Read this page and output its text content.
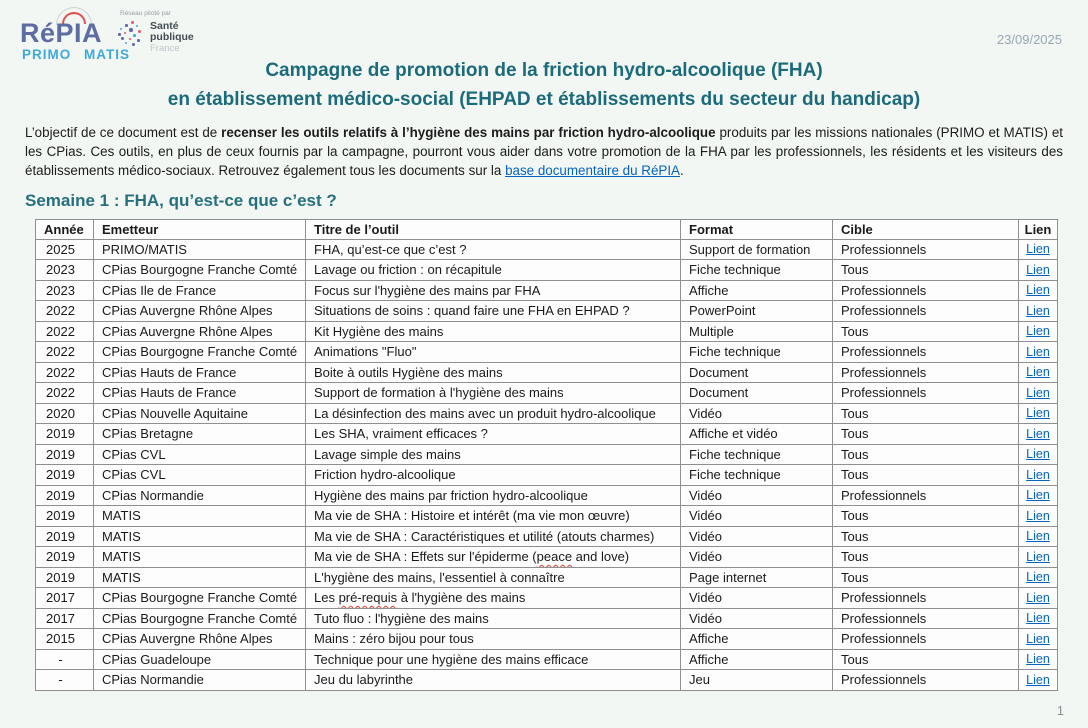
RéPIA
PRIMO MATIS
Réseau piloté par
Santé
publique
France
23/09/2025
Campagne de promotion de la friction hydro-alcoolique (FHA)
en établissement médico-social (EHPAD et établissements du secteur du handicap)

L’objectif de ce document est de recenser les outils relatifs à l’hygiène des mains par friction hydro-alcoolique produits par les missions nationales (PRIMO et MATIS) et les CPias. Ces outils, en plus de ceux fournis par la campagne, pourront vous aider dans votre promotion de la FHA par les professionnels, les résidents et les visiteurs des établissements médico-sociaux. Retrouvez également tous les documents sur la base documentaire du RéPIA.

Semaine 1 : FHA, qu’est-ce que c’est ?
Année	Emetteur	Titre de l’outil	Format	Cible	Lien
2025	PRIMO/MATIS	FHA, qu’est-ce que c’est ?	Support de formation	Professionnels	Lien
2023	CPias Bourgogne Franche Comté	Lavage ou friction : on récapitule	Fiche technique	Tous	Lien
2023	CPias Ile de France	Focus sur l'hygiène des mains par FHA	Affiche	Professionnels	Lien
2022	CPias Auvergne Rhône Alpes	Situations de soins : quand faire une FHA en EHPAD ?	PowerPoint	Professionnels	Lien
2022	CPias Auvergne Rhône Alpes	Kit Hygiène des mains	Multiple	Tous	Lien
2022	CPias Bourgogne Franche Comté	Animations "Fluo"	Fiche technique	Professionnels	Lien
2022	CPias Hauts de France	Boite à outils Hygiène des mains	Document	Professionnels	Lien
2022	CPias Hauts de France	Support de formation à l'hygiène des mains	Document	Professionnels	Lien
2020	CPias Nouvelle Aquitaine	La désinfection des mains avec un produit hydro-alcoolique	Vidéo	Tous	Lien
2019	CPias Bretagne	Les SHA, vraiment efficaces ?	Affiche et vidéo	Tous	Lien
2019	CPias CVL	Lavage simple des mains	Fiche technique	Tous	Lien
2019	CPias CVL	Friction hydro-alcoolique	Fiche technique	Tous	Lien
2019	CPias Normandie	Hygiène des mains par friction hydro-alcoolique	Vidéo	Professionnels	Lien
2019	MATIS	Ma vie de SHA : Histoire et intérêt (ma vie mon œuvre)	Vidéo	Tous	Lien
2019	MATIS	Ma vie de SHA : Caractéristiques et utilité (atouts charmes)	Vidéo	Tous	Lien
2019	MATIS	Ma vie de SHA : Effets sur l'épiderme (peace and love)	Vidéo	Tous	Lien
2019	MATIS	L'hygiène des mains, l'essentiel à connaître	Page internet	Tous	Lien
2017	CPias Bourgogne Franche Comté	Les pré-requis à l'hygiène des mains	Vidéo	Professionnels	Lien
2017	CPias Bourgogne Franche Comté	Tuto fluo : l'hygiène des mains	Vidéo	Professionnels	Lien
2015	CPias Auvergne Rhône Alpes	Mains : zéro bijou pour tous	Affiche	Professionnels	Lien
-	CPias Guadeloupe	Technique pour une hygiène des mains efficace	Affiche	Tous	Lien
-	CPias Normandie	Jeu du labyrinthe	Jeu	Professionnels	Lien
1
